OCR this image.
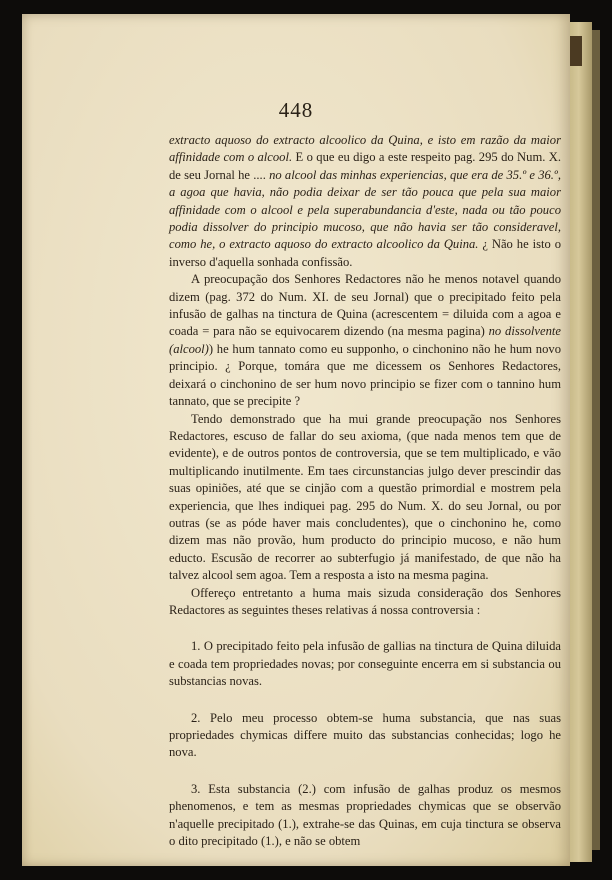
448

extracto aquoso do extracto alcoolico da Quina, e isto em razão da maior affinidade com o alcool. E o que eu digo a este respeito pag. 295 do Num. X. de seu Jornal he .... no alcool das minhas experiencias, que era de 35.º e 36.º, a agoa que havia, não podia deixar de ser tão pouca que pela sua maior affinidade com o alcool e pela superabundancia d'este, nada ou tão pouco podia dissolver do principio mucoso, que não havia ser tão consideravel, como he, o extracto aquoso do extracto alcoolico da Quina. ¿ Não he isto o inverso d'aquella sonhada confissão.

A preocupação dos Senhores Redactores não he menos notavel quando dizem (pag. 372 do Num. XI. de seu Jornal) que o precipitado feito pela infusão de galhas na tinctura de Quina (acrescentem = diluida com a agoa e coada = para não se equivocarem dizendo (na mesma pagina) no dissolvente (alcool)) he hum tannato como eu supponho, o cinchonino não he hum novo principio. ¿ Porque, tomára que me dicessem os Senhores Redactores, deixará o cinchonino de ser hum novo principio se fizer com o tannino hum tannato, que se precipite ?

Tendo demonstrado que ha mui grande preocupação nos Senhores Redactores, escuso de fallar do seu axioma, (que nada menos tem que de evidente), e de outros pontos de controversia, que se tem multiplicado, e vão multiplicando inutilmente. Em taes circunstancias julgo dever prescindir das suas opiniões, até que se cinjão com a questão primordial e mostrem pela experiencia, que lhes indiquei pag. 295 do Num. X. do seu Jornal, ou por outras (se as póde haver mais concludentes), que o cinchonino he, como dizem mas não provão, hum producto do principio mucoso, e não hum educto. Escusão de recorrer ao subterfugio já manifestado, de que não ha talvez alcool sem agoa. Tem a resposta a isto na mesma pagina.

Offereço entretanto a huma mais sizuda consideração dos Senhores Redactores as seguintes theses relativas á nossa controversia :

1. O precipitado feito pela infusão de gallias na tinctura de Quina diluida e coada tem propriedades novas; por conseguinte encerra em si substancia ou substancias novas.

2. Pelo meu processo obtem-se huma substancia, que nas suas propriedades chymicas differe muito das substancias conhecidas; logo he nova.

3. Esta substancia (2.) com infusão de galhas produz os mesmos phenomenos, e tem as mesmas propriedades chymicas que se observão n'aquelle precipitado (1.), extrahe-se das Quinas, em cuja tinctura se observa o dito precipitado (1.), e não se obtem
